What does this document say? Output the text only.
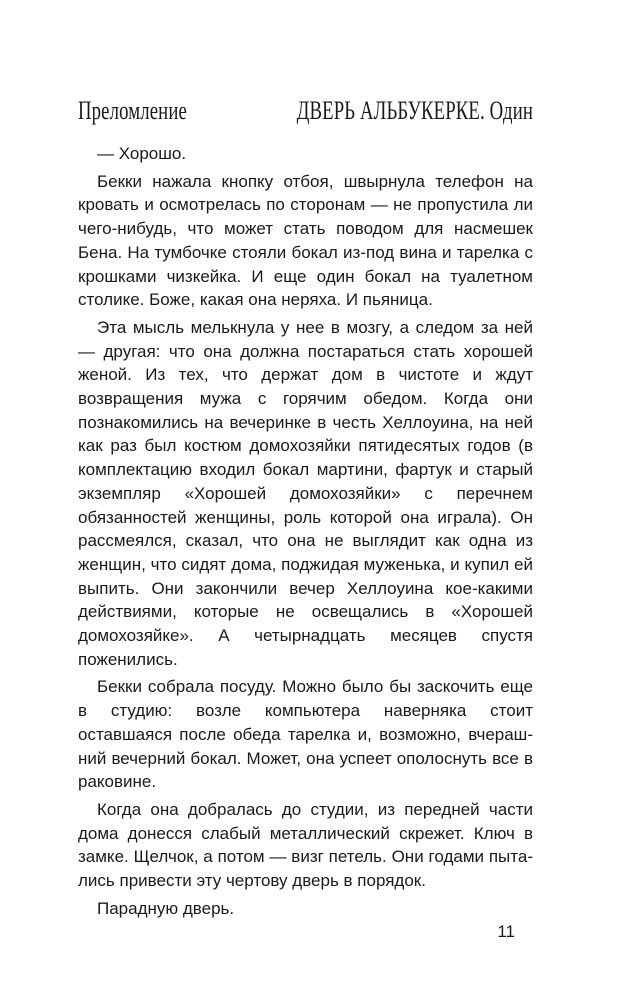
Преломление	ДВЕРЬ АЛЬБУКЕРКЕ. Один

— Хорошо.

Бекки нажала кнопку отбоя, швырнула телефон на кровать и осмотрелась по сторонам — не пропустила ли чего-нибудь, что может стать поводом для насмешек Бена. На тумбочке стояли бокал из-под вина и тарелка с крошками чизкейка. И еще один бокал на туалетном столике. Боже, какая она неряха. И пьяница.

Эта мысль мелькнула у нее в мозгу, а следом за ней — другая: что она должна постараться стать хорошей женой. Из тех, что держат дом в чистоте и ждут возвращения мужа с горячим обедом. Когда они познакомились на вечеринке в честь Хеллоуина, на ней как раз был костюм домохозяйки пятидесятых годов (в комплектацию входил бокал мартини, фартук и старый экземпляр «Хорошей домохозяйки» с перечнем обязанностей женщины, роль которой она играла). Он рассмеялся, сказал, что она не выглядит как одна из женщин, что сидят дома, поджидая муженька, и купил ей выпить. Они закончили вечер Хеллоуина кое-какими действиями, которые не освещались в «Хорошей домохозяйке». А четырнадцать месяцев спустя поженились.

Бекки собрала посуду. Можно было бы заскочить еще в студию: возле компьютера наверняка стоит оставшаяся после обеда тарелка и, возможно, вчерашний вечерний бокал. Может, она успеет ополоснуть все в раковине.

Когда она добралась до студии, из передней части дома донесся слабый металлический скрежет. Ключ в замке. Щелчок, а потом — визг петель. Они годами пытались привести эту чертову дверь в порядок.

Парадную дверь.

11
